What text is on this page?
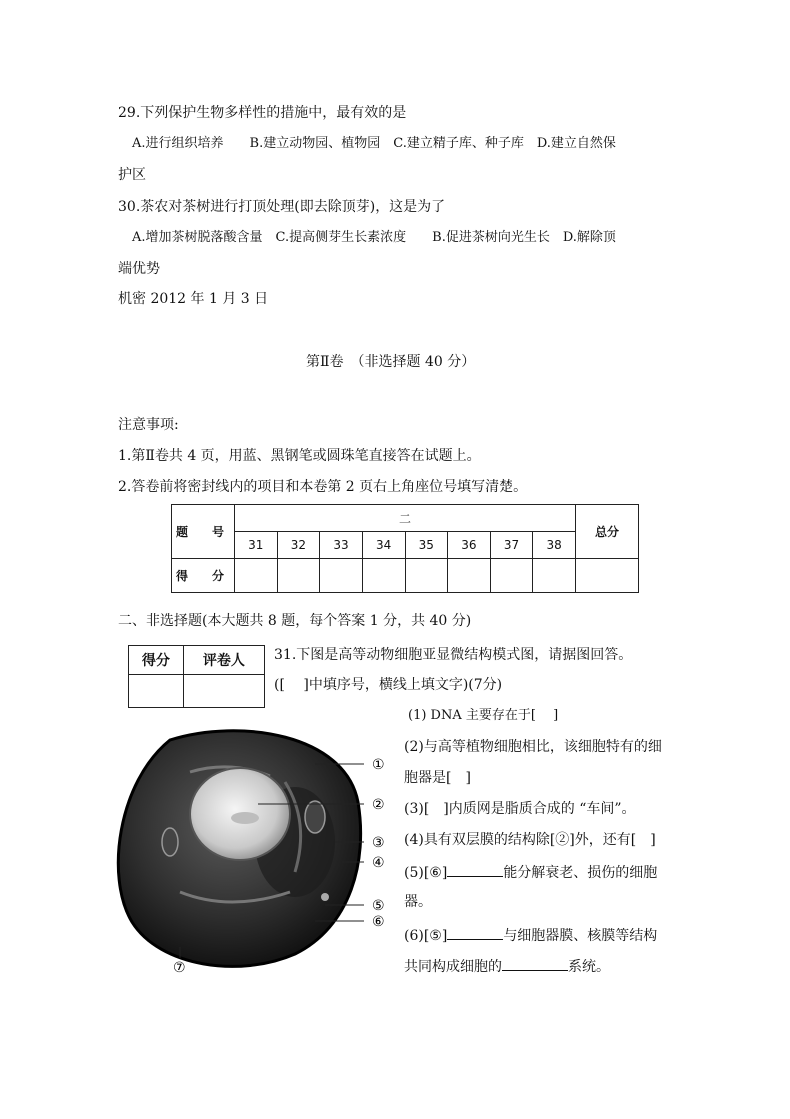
29.下列保护生物多样性的措施中，最有效的是
A.进行组织培养　　B.建立动物园、植物园　C.建立精子库、种子库　D.建立自然保
护区
30.茶农对茶树进行打顶处理(即去除顶芽)，这是为了
A.增加茶树脱落酸含量　C.提高侧芽生长素浓度　　B.促进茶树向光生长　D.解除顶
端优势
机密 2012 年 1 月 3 日
第Ⅱ卷　（非选择题 40 分）
注意事项:
1.第Ⅱ卷共 4 页，用蓝、黑钢笔或圆珠笔直接答在试题上。
2.答卷前将密封线内的项目和本卷第 2 页右上角座位号填写清楚。
题　号	二								总分
	31	32	33	34	35	36	37	38	
得　分									
二、非选择题(本大题共 8 题，每个答案 1 分，共 40 分)
得分	评卷人
	31.下图是高等动物细胞亚显微结构模式图，请据图回答。
([　 ]中填序号，横线上填文字)(7分)
(1) DNA 主要存在于[　 ]
(2)与高等植物细胞相比，该细胞特有的细
胞器是[　]
(3)[　]内质网是脂质合成的 “车间”。
(4)具有双层膜的结构除[②]外，还有[　]
(5)[⑥]	能分解衰老、损伤的细胞
器。
(6)[⑤]	与细胞器膜、核膜等结构
共同构成细胞的	系统。
①
②
③
④
⑤
⑥
⑦
